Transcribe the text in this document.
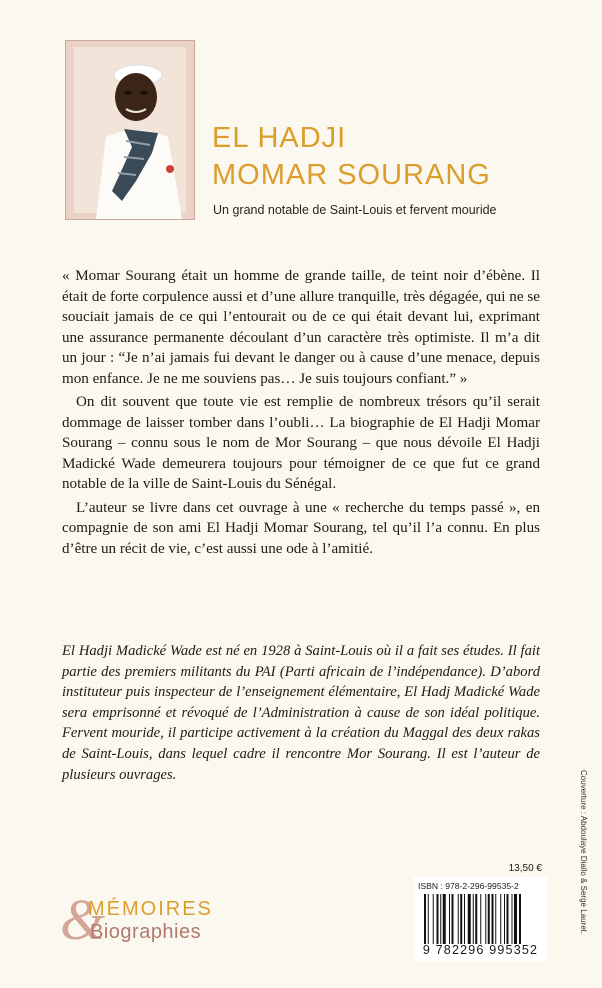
EL HADJI
MOMAR SOURANG
Un grand notable de Saint-Louis et fervent mouride

« Momar Sourang était un homme de grande taille, de teint noir d’ébène. Il était de forte corpulence aussi et d’une allure tranquille, très dégagée, qui ne se souciait jamais de ce qui l’entourait ou de ce qui était devant lui, exprimant une assurance permanente découlant d’un caractère très optimiste. Il m’a dit un jour : “Je n’ai jamais fui devant le danger ou à cause d’une menace, depuis mon enfance. Je ne me souviens pas… Je suis toujours confiant.” »

On dit souvent que toute vie est remplie de nombreux trésors qu’il serait dommage de laisser tomber dans l’oubli… La biographie de El Hadji Momar Sourang – connu sous le nom de Mor Sourang – que nous dévoile El Hadji Madické Wade demeurera toujours pour témoigner de ce que fut ce grand notable de la ville de Saint-Louis du Sénégal.

L’auteur se livre dans cet ouvrage à une « recherche du temps passé », en compagnie de son ami El Hadji Momar Sourang, tel qu’il l’a connu. En plus d’être un récit de vie, c’est aussi une ode à l’amitié.

El Hadji Madické Wade est né en 1928 à Saint-Louis où il a fait ses études. Il fait partie des premiers militants du PAI (Parti africain de l’indépendance). D’abord instituteur puis inspecteur de l’enseignement élémentaire, El Hadj Madické Wade sera emprisonné et révoqué de l’Administration à cause de son idéal politique. Fervent mouride, il participe activement à la création du Maggal des deux rakas de Saint-Louis, dans lequel cadre il rencontre Mor Sourang. Il est l’auteur de plusieurs ouvrages.	Couverture : Abdoulaye Diallo & Serge Lauret.
13,50 €
ISBN : 978-2-296-99535-2
9 782296 995352
&
MÉMOIRES
Biographies
